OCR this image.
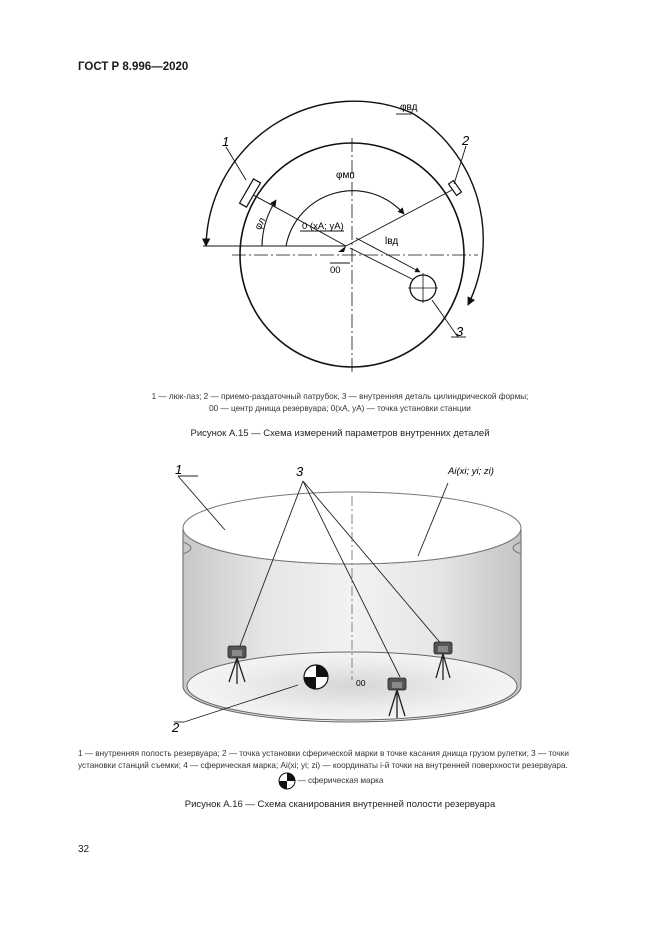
ГОСТ Р 8.996—2020
φвд
φмп
φл	0 (xA; yA)
lвд
00
1	2
3
1 — люк-лаз; 2 — приемо-раздаточный патрубок, 3 — внутренняя деталь цилиндрической формы;
00 — центр днища резервуара; 0(xA, yA) — точка установки станции
Рисунок А.15 — Схема измерений параметров внутренних деталей
1	3	Ai(xi; yi; zi)
00
2
1 — внутренняя полость резервуара; 2 — точка установки сферической марки в точке касания днища грузом рулетки; 3 — точки
установки станций съемки; 4 — сферическая марка; Ai(xi; yi; zi) — координаты i-й точки на внутренней поверхности резервуара.
— сферическая марка
Рисунок А.16 — Схема сканирования внутренней полости резервуара
32
